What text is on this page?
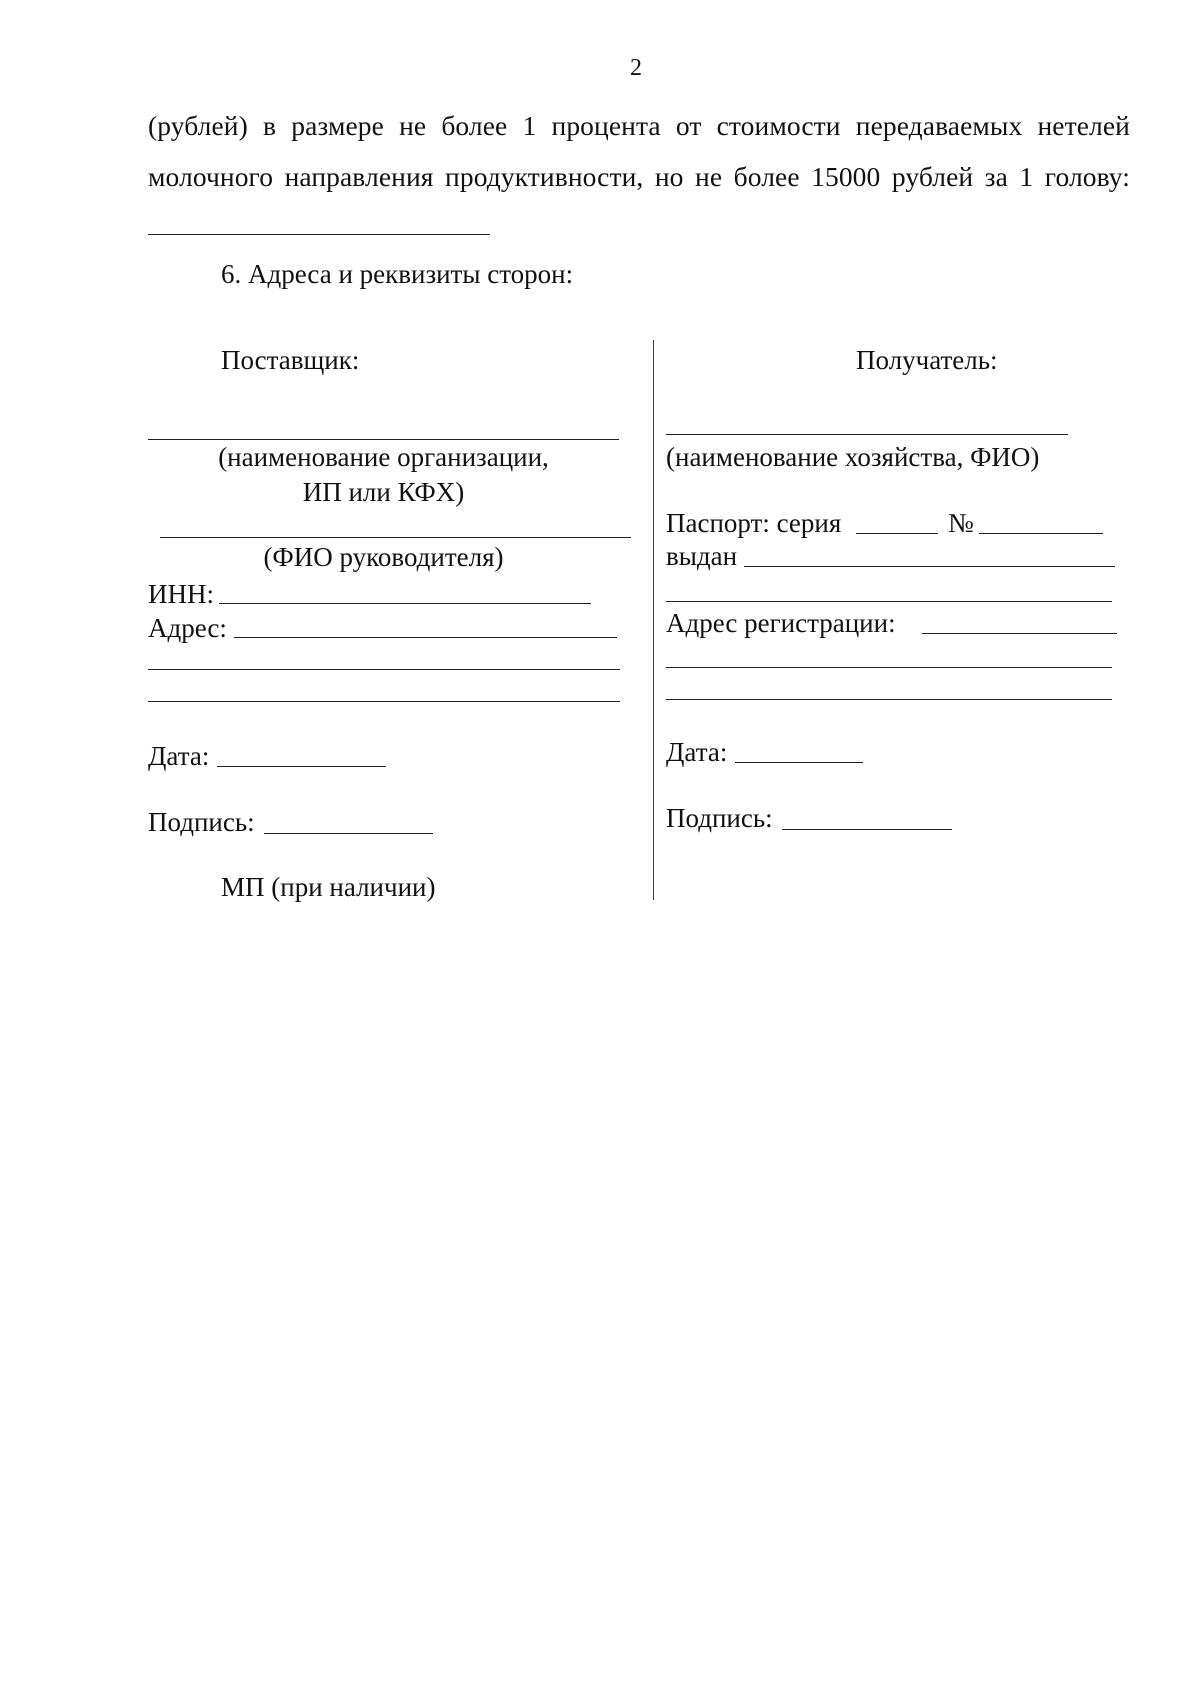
2
(рублей) в размере не более 1 процента от стоимости передаваемых нетелей
молочного направления продуктивности, но не более 15000 рублей за 1 голову:
6. Адреса и реквизиты сторон:
Поставщик:
(наименование организации,
ИП или КФХ)
(ФИО руководителя)
ИНН:
Адрес:
Дата:
Подпись:
МП (при наличии)
Получатель:
(наименование хозяйства, ФИО)
Паспорт: серия	№
выдан
Адрес регистрации:
Дата:
Подпись:
